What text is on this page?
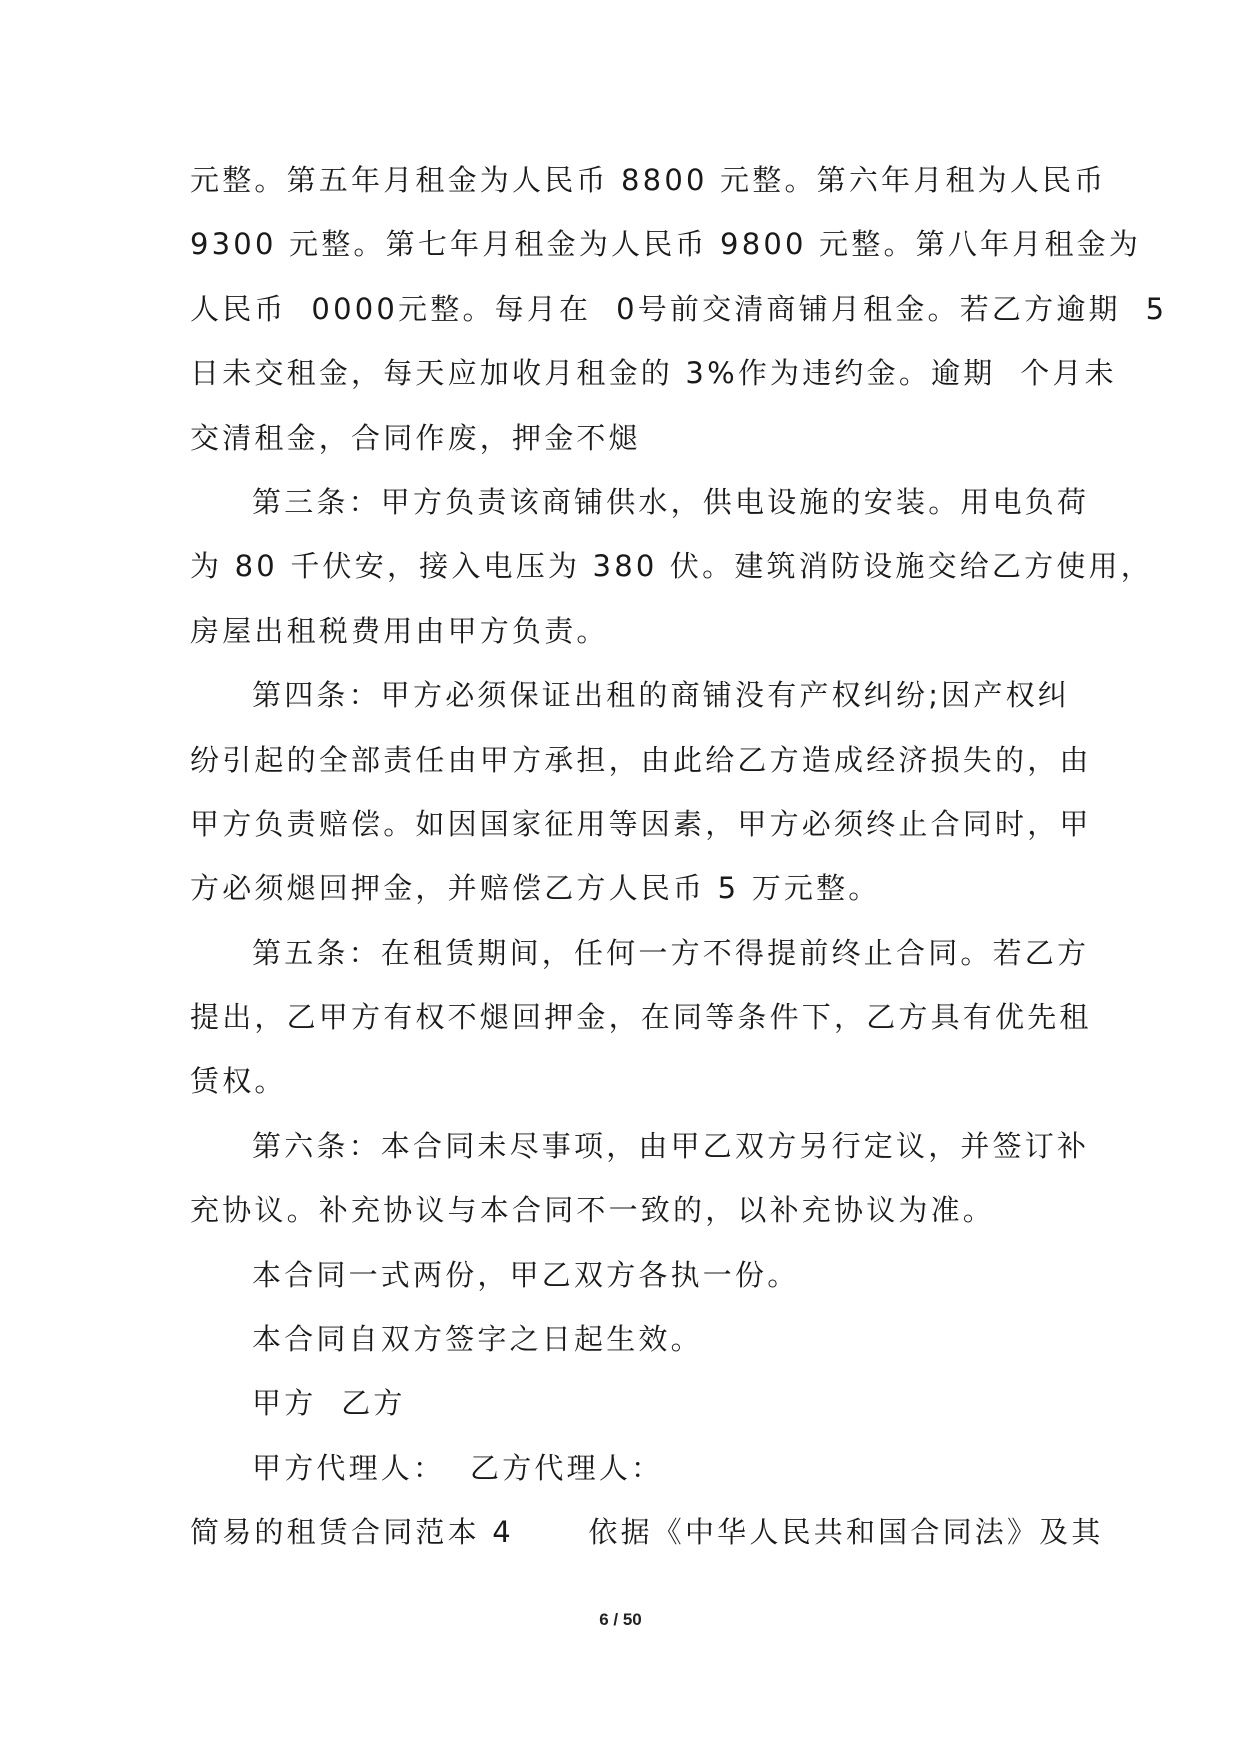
元整。第五年月租金为人民币 8800 元整。第六年月租为人民币
9300 元整。第七年月租金为人民币 9800 元整。第八年月租金为
人民币  0000元整。每月在  0号前交清商铺月租金。若乙方逾期  5
日未交租金，每天应加收月租金的 3%作为违约金。逾期  个月未
交清租金，合同作废，押金不煺
第三条：甲方负责该商铺供水，供电设施的安装。用电负荷
为 80 千伏安，接入电压为 380 伏。建筑消防设施交给乙方使用，
房屋出租税费用由甲方负责。
第四条：甲方必须保证出租的商铺没有产权纠纷;因产权纠
纷引起的全部责任由甲方承担，由此给乙方造成经济损失的，由
甲方负责赔偿。如因国家征用等因素，甲方必须终止合同时，甲
方必须煺回押金，并赔偿乙方人民币 5 万元整。
第五条：在租赁期间，任何一方不得提前终止合同。若乙方
提出，乙甲方有权不煺回押金，在同等条件下，乙方具有优先租
赁权。
第六条：本合同未尽事项，由甲乙双方另行定议，并签订补
充协议。补充协议与本合同不一致的，以补充协议为准。
本合同一式两份，甲乙双方各执一份。
本合同自双方签字之日起生效。
甲方  乙方
甲方代理人：  乙方代理人：
简易的租赁合同范本 4      依据《中华人民共和国合同法》及其
6 / 50
